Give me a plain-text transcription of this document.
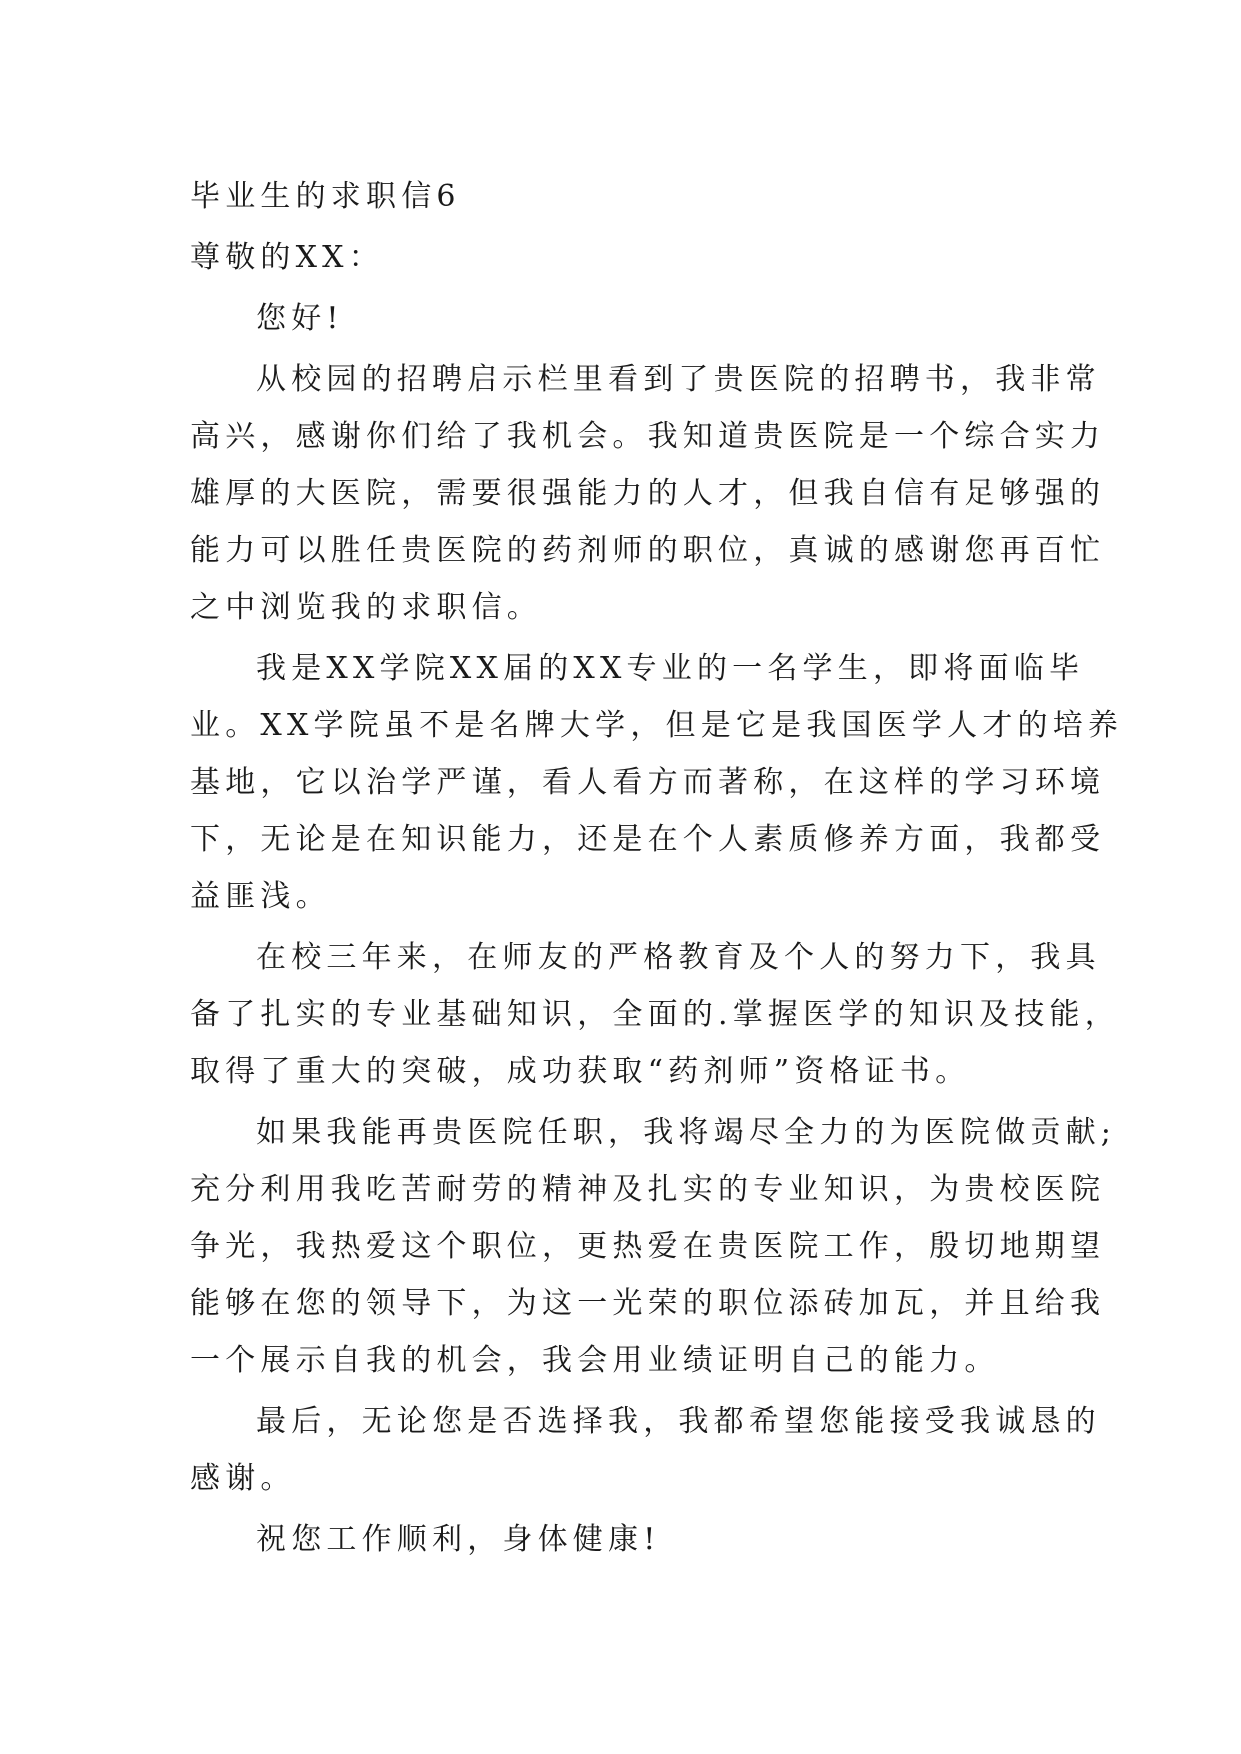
毕业生的求职信6

尊敬的XX：

您好!

从校园的招聘启示栏里看到了贵医院的招聘书，我非常

高兴，感谢你们给了我机会。我知道贵医院是一个综合实力

雄厚的大医院，需要很强能力的人才，但我自信有足够强的

能力可以胜任贵医院的药剂师的职位，真诚的感谢您再百忙

之中浏览我的求职信。

我是XX学院XX届的XX专业的一名学生，即将面临毕

业。XX学院虽不是名牌大学，但是它是我国医学人才的培养

基地，它以治学严谨，看人看方而著称，在这样的学习环境

下，无论是在知识能力，还是在个人素质修养方面，我都受

益匪浅。

在校三年来，在师友的严格教育及个人的努力下，我具

备了扎实的专业基础知识，全面的.掌握医学的知识及技能，

取得了重大的突破，成功获取“药剂师”资格证书。

如果我能再贵医院任职，我将竭尽全力的为医院做贡献;

充分利用我吃苦耐劳的精神及扎实的专业知识，为贵校医院

争光，我热爱这个职位，更热爱在贵医院工作，殷切地期望

能够在您的领导下，为这一光荣的职位添砖加瓦，并且给我

一个展示自我的机会，我会用业绩证明自己的能力。

最后，无论您是否选择我，我都希望您能接受我诚恳的

感谢。

祝您工作顺利，身体健康!
